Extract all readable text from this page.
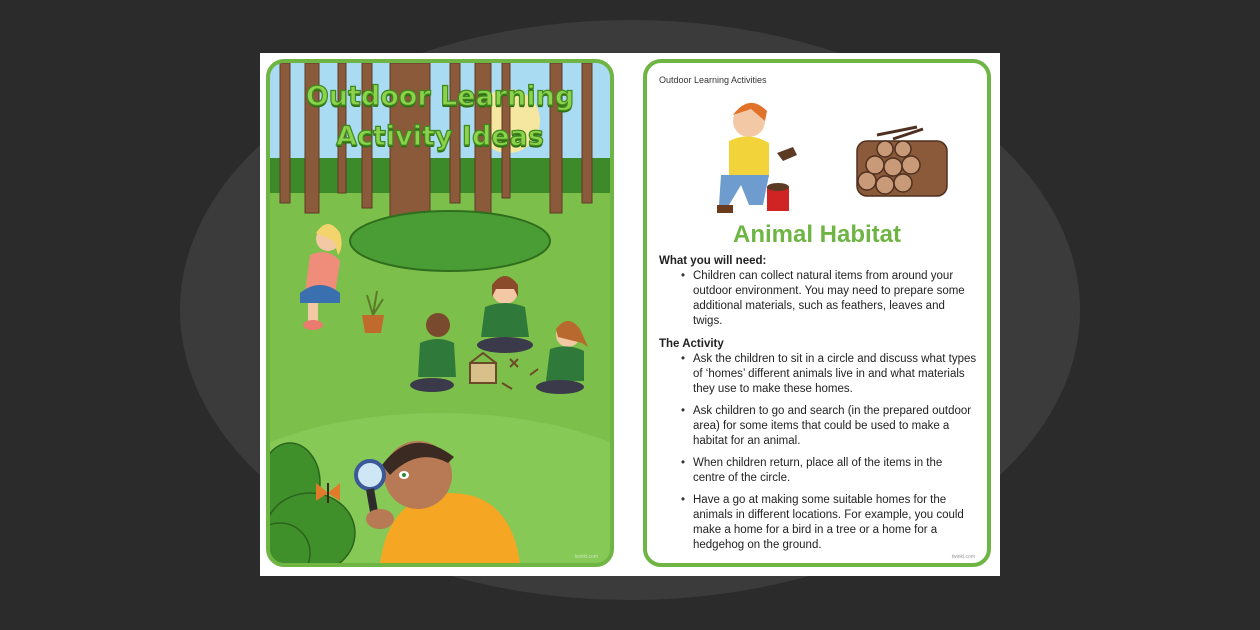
Outdoor Learning
Activity Ideas
twinkl.com
Outdoor Learning Activities
Animal Habitat
What you will need:
• Children can collect natural items from around your outdoor environment. You may need to prepare some additional materials, such as feathers, leaves and twigs.
The Activity
• Ask the children to sit in a circle and discuss what types of ‘homes’ different animals live in and what materials they use to make these homes.
• Ask children to go and search (in the prepared outdoor area) for some items that could be used to make a habitat for an animal.
• When children return, place all of the items in the centre of the circle.
• Have a go at making some suitable homes for the animals in different locations. For example, you could make a home for a bird in a tree or a home for a hedgehog on the ground.
twinkl.com
